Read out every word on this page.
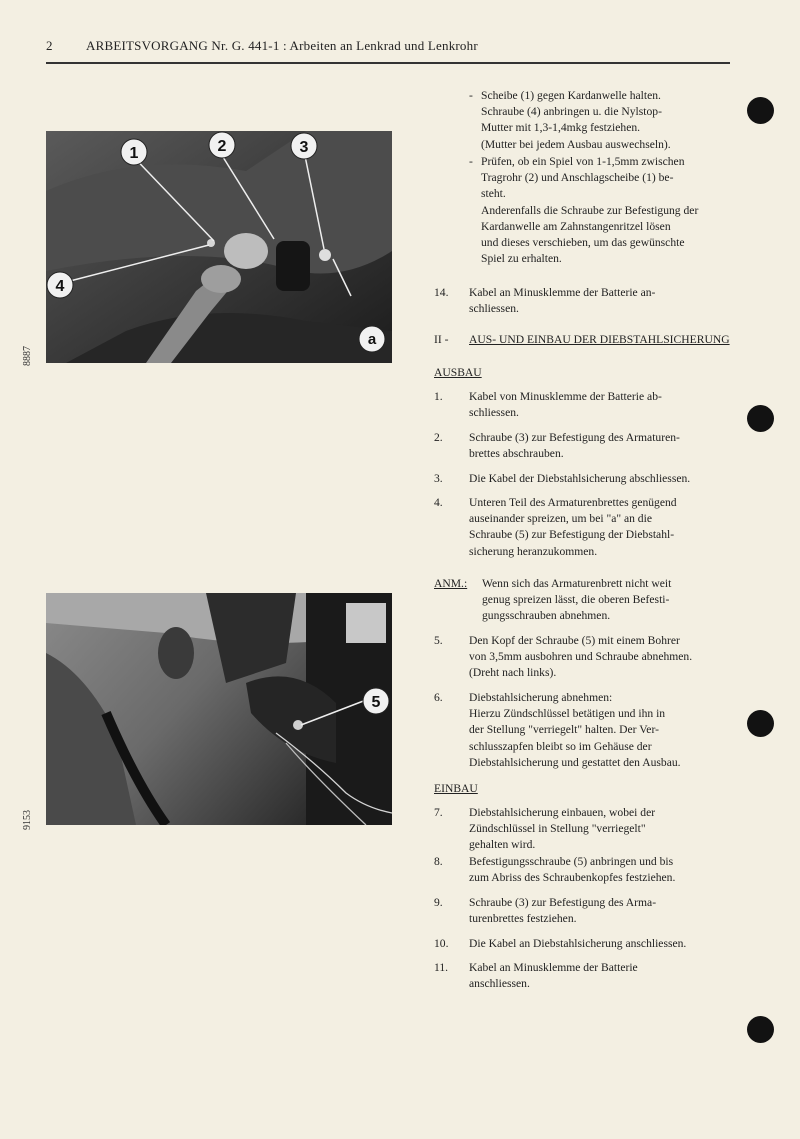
2	ARBEITSVORGANG Nr. G. 441-1 : Arbeiten an Lenkrad und Lenkrohr
1	2	3
4
a
8887
5
9153
- Scheibe (1) gegen Kardanwelle halten.
Schraube (4) anbringen u. die Nylstop-
Mutter mit 1,3-1,4mkg festziehen.
(Mutter bei jedem Ausbau auswechseln).
- Prüfen, ob ein Spiel von 1-1,5mm zwischen
Tragrohr (2) und Anschlagscheibe (1) be-
steht.
Anderenfalls die Schraube zur Befestigung der
Kardanwelle am Zahnstangenritzel lösen
und dieses verschieben, um das gewünschte
Spiel zu erhalten.
14. Kabel an Minusklemme der Batterie an-
schliessen.
II - AUS- UND EINBAU DER DIEBSTAHLSICHERUNG
AUSBAU
1. Kabel von Minusklemme der Batterie ab-
schliessen.
2. Schraube (3) zur Befestigung des Armaturen-
brettes abschrauben.
3. Die Kabel der Diebstahlsicherung abschliessen.
4. Unteren Teil des Armaturenbrettes genügend
auseinander spreizen, um bei "a" an die
Schraube (5) zur Befestigung der Diebstahl-
sicherung heranzukommen.
ANM.: Wenn sich das Armaturenbrett nicht weit
genug spreizen lässt, die oberen Befesti-
gungsschrauben abnehmen.
5. Den Kopf der Schraube (5) mit einem Bohrer
von 3,5mm ausbohren und Schraube abnehmen.
(Dreht nach links).
6. Diebstahlsicherung abnehmen:
Hierzu Zündschlüssel betätigen und ihn in
der Stellung "verriegelt" halten. Der Ver-
schlusszapfen bleibt so im Gehäuse der
Diebstahlsicherung und gestattet den Ausbau.
EINBAU
7. Diebstahlsicherung einbauen, wobei der
Zündschlüssel in Stellung "verriegelt"
gehalten wird.
8. Befestigungsschraube (5) anbringen und bis
zum Abriss des Schraubenkopfes festziehen.
9. Schraube (3) zur Befestigung des Arma-
turenbrettes festziehen.
10. Die Kabel an Diebstahlsicherung anschliessen.
11. Kabel an Minusklemme der Batterie
anschliessen.
